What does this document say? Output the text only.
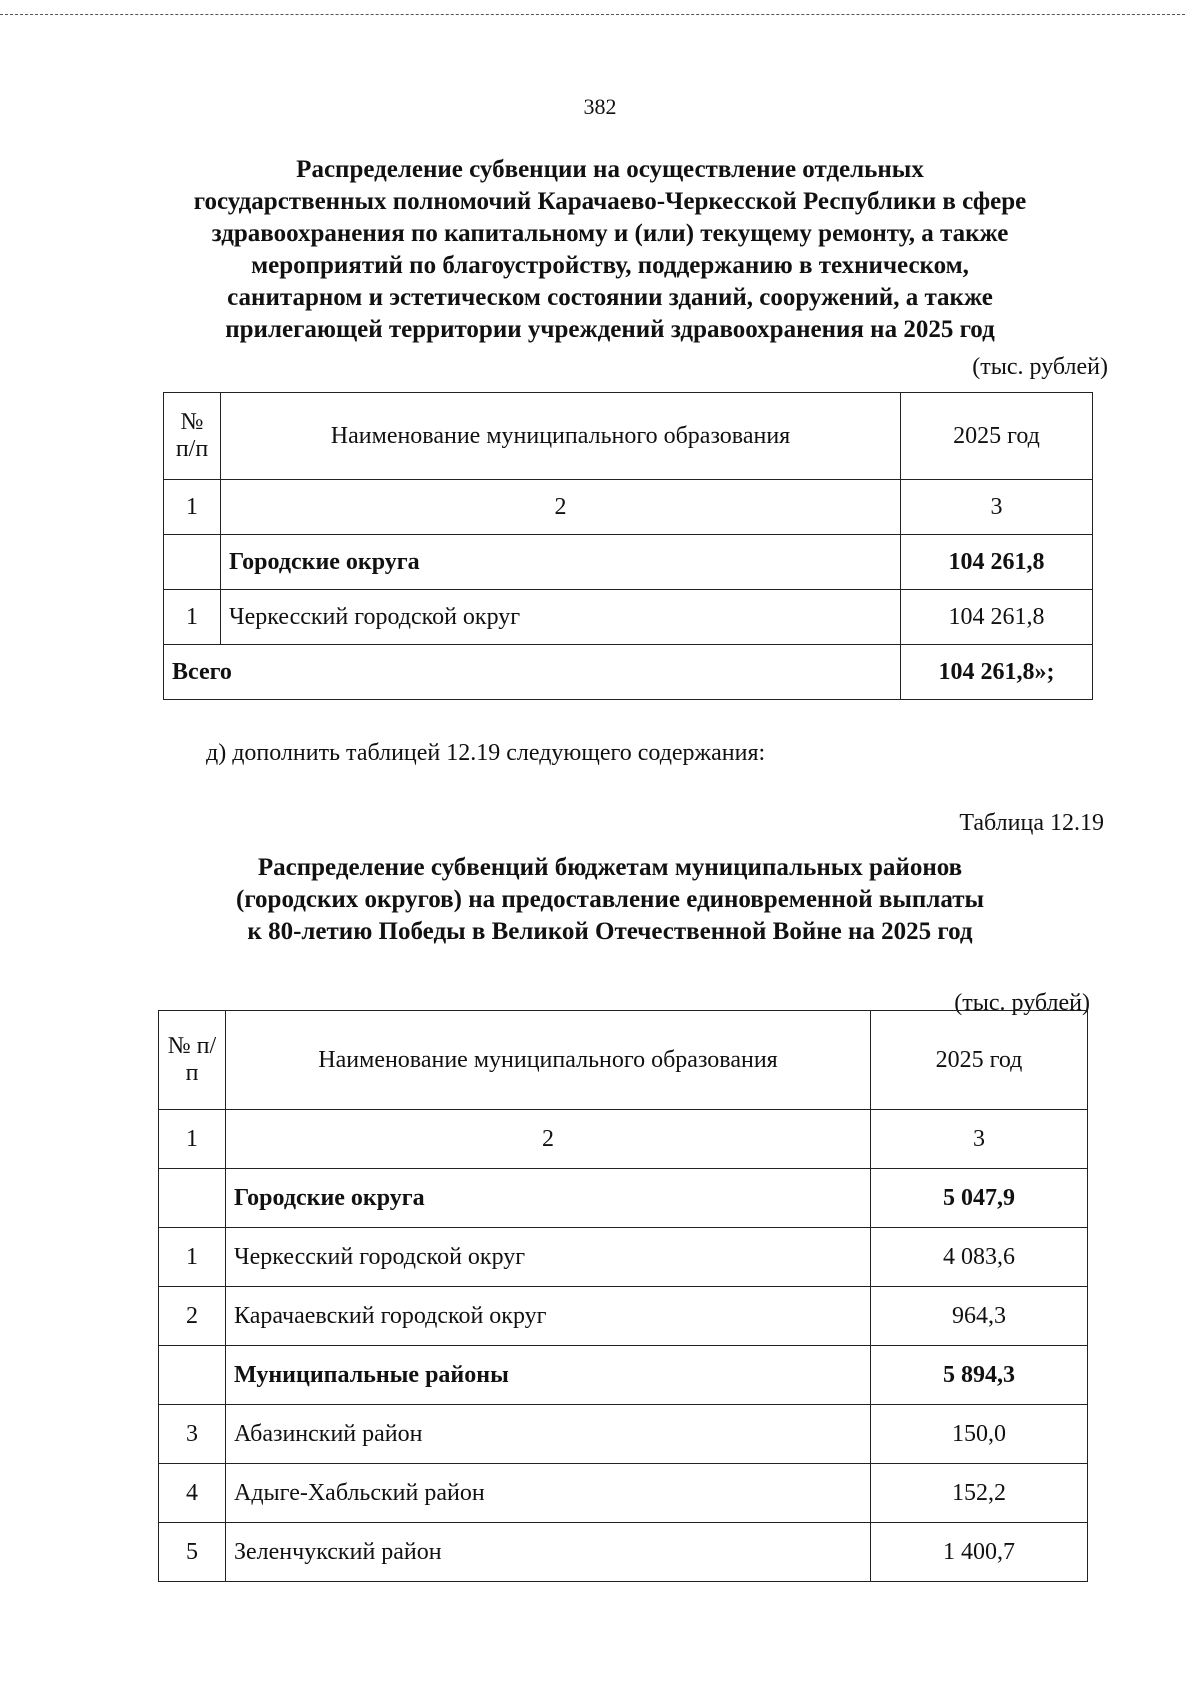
382
Распределение субвенции на осуществление отдельных
государственных полномочий Карачаево-Черкесской Республики в сфере
здравоохранения по капитальному и (или) текущему ремонту, а также
мероприятий по благоустройству, поддержанию в техническом,
санитарном и эстетическом состоянии зданий, сооружений, а также
прилегающей территории учреждений здравоохранения на 2025 год
(тыс. рублей)
№ п/п	Наименование муниципального образования	2025 год
1	2	3
	Городские округа	104 261,8
1	Черкесский городской округ	104 261,8
Всего		104 261,8»;
д) дополнить таблицей 12.19 следующего содержания:
Таблица 12.19
Распределение субвенций бюджетам муниципальных районов
(городских округов) на предоставление единовременной выплаты
к 80-летию Победы в Великой Отечественной Войне на 2025 год
(тыс. рублей)
№ п/п	Наименование муниципального образования	2025 год
1	2	3
	Городские округа	5 047,9
1	Черкесский городской округ	4 083,6
2	Карачаевский городской округ	964,3
	Муниципальные районы	5 894,3
3	Абазинский район	150,0
4	Адыге-Хабльский район	152,2
5	Зеленчукский район	1 400,7
